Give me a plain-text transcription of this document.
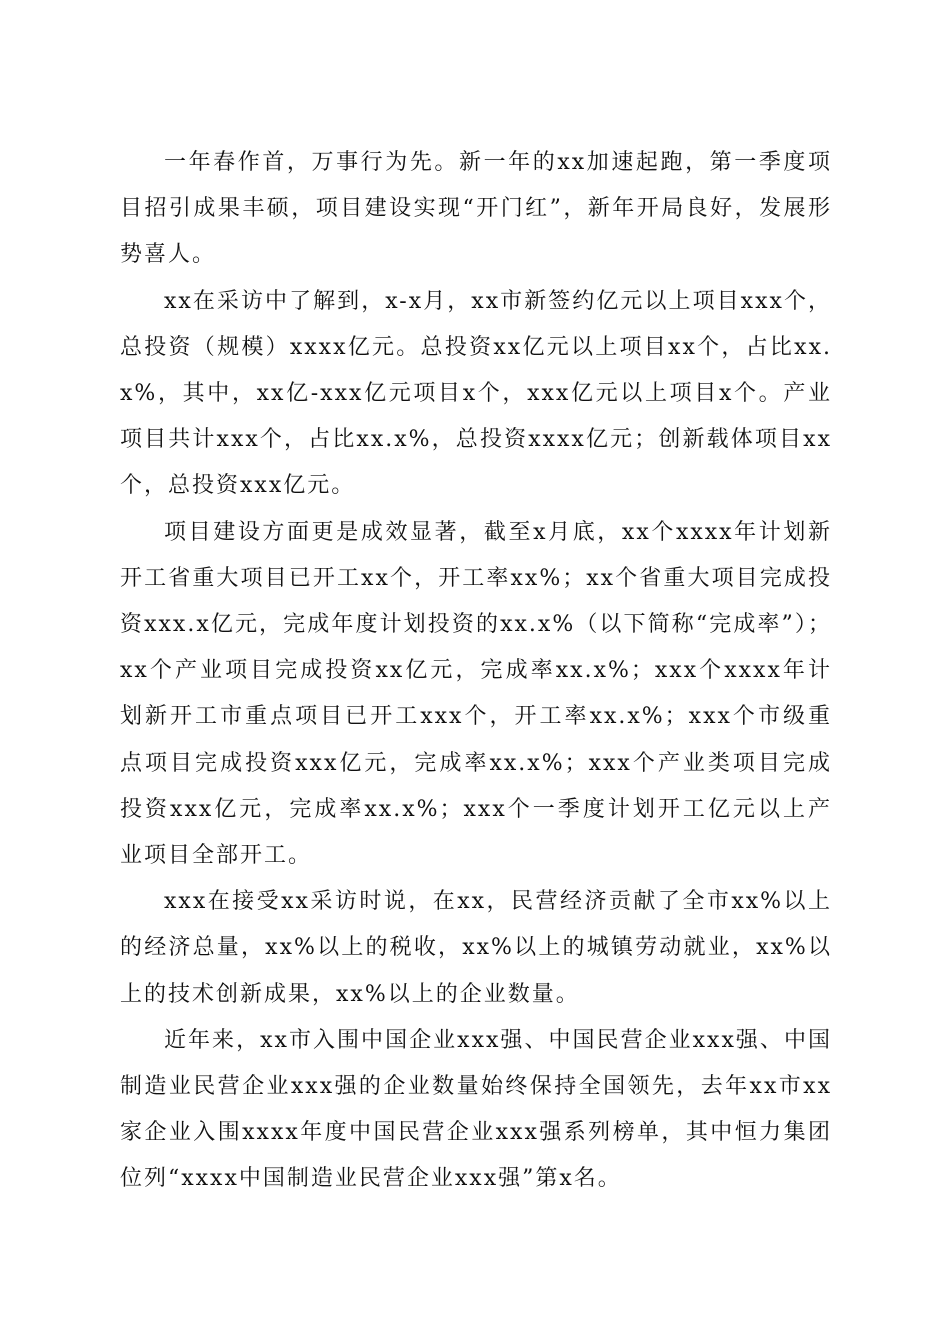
一年春作首，万事行为先。新一年的xx加速起跑，第一季度项目招引成果丰硕，项目建设实现“开门红”，新年开局良好，发展形势喜人。

xx在采访中了解到，x-x月，xx市新签约亿元以上项目xxx个，总投资（规模）xxxx亿元。总投资xx亿元以上项目xx个，占比xx.x%，其中，xx亿-xxx亿元项目x个，xxx亿元以上项目x个。产业项目共计xxx个，占比xx.x%，总投资xxxx亿元；创新载体项目xx个，总投资xxx亿元。

项目建设方面更是成效显著，截至x月底，xx个xxxx年计划新开工省重大项目已开工xx个，开工率xx%；xx个省重大项目完成投资xxx.x亿元，完成年度计划投资的xx.x%（以下简称“完成率”）；xx个产业项目完成投资xx亿元，完成率xx.x%；xxx个xxxx年计划新开工市重点项目已开工xxx个，开工率xx.x%；xxx个市级重点项目完成投资xxx亿元，完成率xx.x%；xxx个产业类项目完成投资xxx亿元，完成率xx.x%；xxx个一季度计划开工亿元以上产业项目全部开工。

xxx在接受xx采访时说，在xx，民营经济贡献了全市xx%以上的经济总量，xx%以上的税收，xx%以上的城镇劳动就业，xx%以上的技术创新成果，xx%以上的企业数量。

近年来，xx市入围中国企业xxx强、中国民营企业xxx强、中国制造业民营企业xxx强的企业数量始终保持全国领先，去年xx市xx家企业入围xxxx年度中国民营企业xxx强系列榜单，其中恒力集团位列“xxxx中国制造业民营企业xxx强”第x名。
